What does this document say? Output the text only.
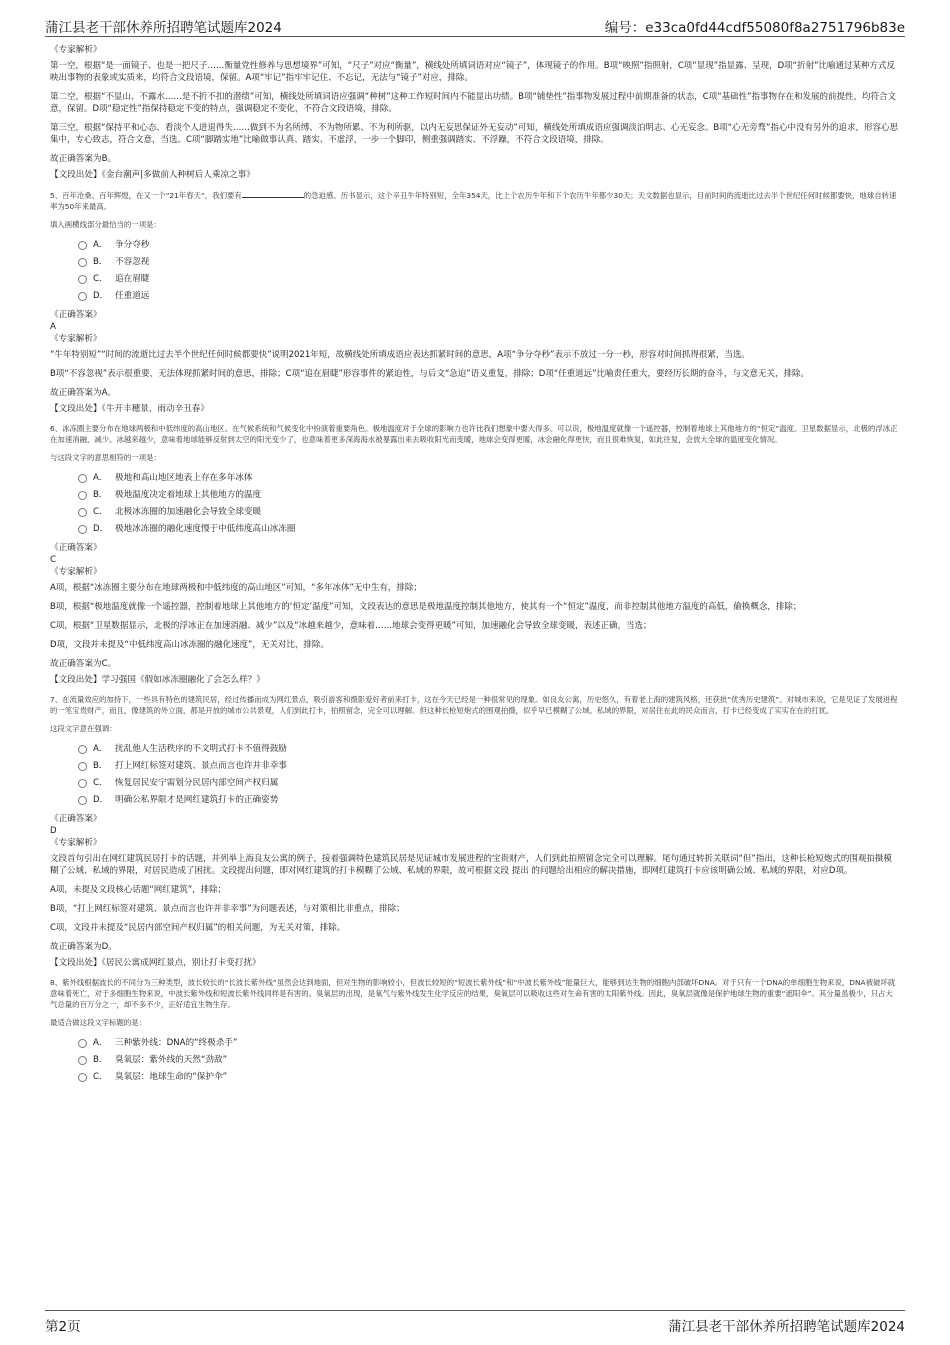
蒲江县老干部休养所招聘笔试题库2024	编号：e33ca0fd44cdf55080f8a2751796b83e

《专家解析》

第一空，根据“是一面镜子、也是一把尺子……衡量党性修养与思想境界”可知，“尺子”对应“衡量”，横线处所填词语对应“镜子”，体现镜子的作用。B项“映照”指照射，C项“显现”指显露、呈现，D项“折射”比喻通过某种方式反映出事物的表象或实质来，均符合文段语境，保留。A项“牢记”指牢牢记住、不忘记，无法与“镜子”对应，排除。

第二空，根据“不显山、不露水……是不折不扣的潜绩”可知，横线处所填词语应强调“种树”这种工作短时间内不能显出功绩。B项“铺垫性”指事物发展过程中前期准备的状态，C项“基础性”指事物存在和发展的前提性，均符合文意，保留。D项“稳定性”指保持稳定不变的特点，强调稳定不变化，不符合文段语境，排除。

第三空，根据“保持平和心态、看淡个人进退得失……做到不为名所缚、不为物所累、不为利所驱，以内无妄思保证外无妄动”可知，横线处所填成语应强调淡泊明志、心无妄念。B项“心无旁骛”指心中没有另外的追求，形容心思集中，专心致志，符合文意，当选。C项“脚踏实地”比喻做事认真、踏实、不虚浮，一步一个脚印，侧重强调踏实、不浮躁，不符合文段语境，排除。

故正确答案为B。

【文段出处】《金台潮声|多做前人种树后人乘凉之事》

5、百年沧桑、百年辉煌，在又一个“21年春天”，我们要有	的急迫感。历书显示，这个辛丑牛年特别短，全年354天，比上个农历牛年和下个农历牛年都少30天；天文数据也显示，目前时间的流逝比过去半个世纪任何时候都要快，地球自转速率为50年来最高。

填入画横线部分最恰当的一项是：

A． 争分夺秒
B． 不容忽视
C． 追在眉睫
D． 任重道远

《正确答案》

A

《专家解析》

“牛年特别短”“时间的流逝比过去半个世纪任何时候都要快”说明2021年短，故横线处所填成语应表达抓紧时间的意思，A项“争分夺秒”表示不放过一分一秒，形容对时间抓得很紧，当选。

B项“不容忽视”表示很重要，无法体现抓紧时间的意思，排除；C项“追在眉睫”形容事件的紧迫性，与后文“急迫”语义重复，排除；D项“任重道远”比喻责任重大，要经历长期的奋斗，与文意无关，排除。

故正确答案为A。

【文段出处】《牛开丰穗景，雨动辛丑春》

6、冰冻圈主要分布在地球两极和中低纬度的高山地区。在气候系统和气候变化中扮演着重要角色。极地温度对于全球的影响力也许比我们想象中要大得多。可以说，极地温度就像一个遥控器，控制着地球上其他地方的“恒定”温度。卫星数据显示，北极的浮冰正在加速消融、减少。冰越来越少，意味着地球能够反射到太空的阳光变少了，也意味着更多深海海水被暴露出来去吸收阳光而变暖，地球会变得更暖，冰会融化得更快，而且很难恢复，如此往复，会放大全球的温度变化情况。

与这段文字的意思相符的一项是：

A． 极地和高山地区地表上存在多年冰体
B． 极地温度决定着地球上其他地方的温度
C． 北极冰冻圈的加速融化会导致全球变暖
D． 极地冰冻圈的融化速度慢于中低纬度高山冰冻圈

《正确答案》

C

《专家解析》

A项，根据“冰冻圈主要分布在地球两极和中低纬度的高山地区”可知，“多年冰体”无中生有，排除；

B项，根据“极地温度就像一个遥控器，控制着地球上其他地方的‘恒定’温度”可知，文段表达的意思是极地温度控制其他地方，使其有一个“恒定”温度，而非控制其他地方温度的高低，偷换概念，排除；

C项，根据“卫星数据显示，北极的浮冰正在加速消融、减少”以及“冰越来越少，意味着……地球会变得更暖”可知，加速融化会导致全球变暖，表述正确，当选；

D项，文段并未提及“中低纬度高山冰冻圈的融化速度”，无关对比，排除。

故正确答案为C。

【文段出处】学习强国《假如冰冻圈融化了会怎么样？》

7、在流量效应的加持下，一些具有特色的建筑民居，经过传播而成为网红景点，吸引游客和摄影爱好者前来打卡，这在今天已经是一种很常见的现象。如良友公寓，历史悠久，有着老上海的建筑风格，还获批“优秀历史建筑”。对城市来说，它是见证了发展进程的一笔宝贵财产，而且，像建筑的外立面，都是开放的城市公共景观，人们到此打卡，拍照留念，完全可以理解。但这种长枪短炮式的围观拍摄，似乎早已模糊了公域、私域的界限，对居住在此的民众而言，打卡已经变成了实实在在的打扰。

这段文字意在强调：

A． 扰乱他人生活秩序的不文明式打卡不值得鼓励
B． 打上网红标签对建筑、景点而言也许并非幸事
C． 恢复居民安宁需划分民居内部空间产权归属
D． 明确公私界限才是网红建筑打卡的正确姿势

《正确答案》

D

《专家解析》

文段首句引出在网红建筑民居打卡的话题，并列举上海良友公寓的例子，接着强调特色建筑民居是见证城市发展进程的宝贵财产，人们到此拍照留念完全可以理解。尾句通过转折关联词“但”指出，这种长枪短炮式的围观拍摄模糊了公域、私域的界限，对居民造成了困扰。文段提出问题，即对网红建筑的打卡模糊了公域、私域的界限，故可根据文段 提出 的问题给出相应的解决措施，即网红建筑打卡应该明确公域、私域的界限，对应D项。

A项，未提及文段核心话题“网红建筑”，排除；

B项，“打上网红标签对建筑、景点而言也许并非幸事”为问题表述，与对策相比非重点，排除；

C项，文段并未提及“民居内部空间产权归属”的相关问题，为无关对策，排除。

故正确答案为D。

【文段出处】《居民公寓成网红景点，别让打卡变打扰》

8、紫外线根据波长的不同分为三种类型，波长较长的“长波长紫外线”虽然会达到地面，但对生物的影响较小，但波长较短的“短波长紫外线”和“中波长紫外线”能量巨大，能够到达生物的细胞内部破坏DNA。对于只有一个DNA的单细胞生物来说，DNA被破坏就意味着死亡，对于多细胞生物来说，中波长紫外线和短波长紫外线同样是有害的。臭氧层的出现，是氧气与紫外线发生化学反应的结果，臭氧层可以吸收这些对生命有害的太阳紫外线。因此，臭氧层就像是保护地球生物的重要“遮阳伞”。其分量虽极少，只占大气总量的百万分之一，却不多不少，正好适宜生物生存。

最适合做这段文字标题的是：

A． 三种紫外线：DNA的“终极杀手”
B． 臭氧层：紫外线的天然“劲敌”
C． 臭氧层：地球生命的“保护伞”
第2页	蒲江县老干部休养所招聘笔试题库2024
